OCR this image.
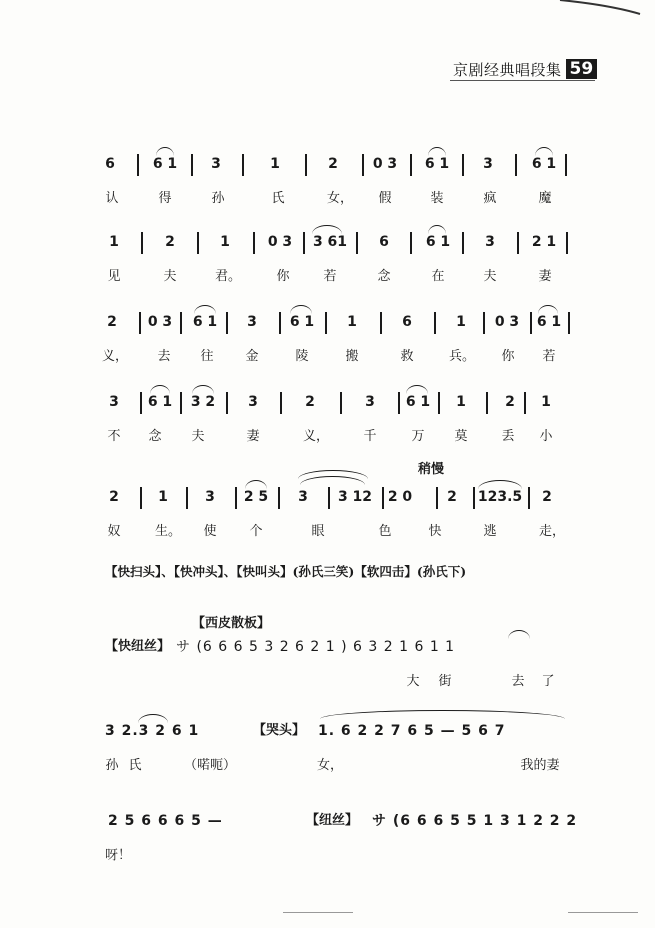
京剧经典唱段集 59
6	6 1 3	1	2 0 3 6 1 3	6 1
认	得	孙	氏	女， 假	装	疯	魔
1	2	1	0 3 3 61 6	6 1 3	2 1
见	夫	君。	你	若	念	在	夫	妻
2 0 3 6 1 3 6 1 1	6	1 0 3 6 1
义， 去 往 金	陵	搬	救	兵。 你 若
3 6 1 3 2 3	2	3 6 1 1	2 1
不 念 夫	妻	义，	千	万 莫	丢 小
稍慢
2	1	3 2 5 3 3 12 2 0 2 123.5 2
奴	生。 使	个	眼	色	快	逃	走，
【快扫头】、【快冲头】、【快叫头】(孙氏三笑)【软四击】(孙氏下)
【西皮散板】
【快纽丝】 サ (6 6 6 5 3 2 6 2 1 ) 6 3 2 1 6 1 1
大 街	去 了
3 2.3 2 6 1	【哭头】 1. 6 2 2 7 6 5 — 5 6 7
孙 氏	（喏呃）	女，	我的妻
2 5 6 6 6 5 —	【纽丝】 サ (6 6 6 5 5 1 3 1 2 2 2
呀！
